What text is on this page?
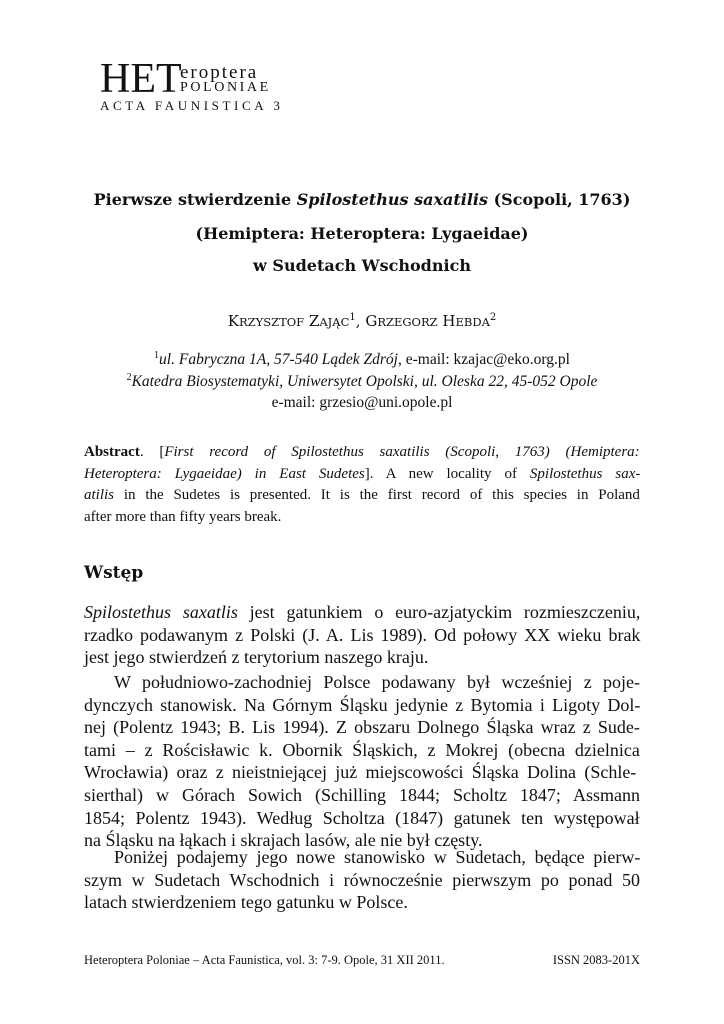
HET
eroptera
POLONIAE
ACTA FAUNISTICA 3
Pierwsze stwierdzenie Spilostethus saxatilis (Scopoli, 1763)
(Hemiptera: Heteroptera: Lygaeidae)
w Sudetach Wschodnich
KRZYSZTOF ZAJĄC$^1$, GRZEGORZ HEBDA$^2$
$^1$ul. Fabryczna 1A, 57-540 Lądek Zdrój, e-mail: kzajac@eko.org.pl
$^2$Katedra Biosystematyki, Uniwersytet Opolski, ul. Oleska 22, 45-052 Opole
e-mail: grzesio@uni.opole.pl
Abstract. [First record of Spilostethus saxatilis (Scopoli, 1763) (Hemiptera:
Heteroptera: Lygaeidae) in East Sudetes]. A new locality of Spilostethus sax-
atilis in the Sudetes is presented. It is the first record of this species in Poland
after more than fifty years break.
Wstęp
Spilostethus saxatlis jest gatunkiem o euro-azjatyckim rozmieszczeniu,
rzadko podawanym z Polski (J. A. Lis 1989). Od połowy XX wieku brak
jest jego stwierdzeń z terytorium naszego kraju.
W południowo-zachodniej Polsce podawany był wcześniej z poje-
dynczych stanowisk. Na Górnym Śląsku jedynie z Bytomia i Ligoty Dol-
nej (Polentz 1943; B. Lis 1994). Z obszaru Dolnego Śląska wraz z Sude-
tami – z Rościsławic k. Obornik Śląskich, z Mokrej (obecna dzielnica
Wrocławia) oraz z nieistniejącej już miejscowości Śląska Dolina (Schle-
sierthal) w Górach Sowich (Schilling 1844; Scholtz 1847; Assmann
1854; Polentz 1943). Według Scholtza (1847) gatunek ten występował
na Śląsku na łąkach i skrajach lasów, ale nie był częsty.
Poniżej podajemy jego nowe stanowisko w Sudetach, będące pierw-
szym w Sudetach Wschodnich i równocześnie pierwszym po ponad 50
latach stwierdzeniem tego gatunku w Polsce.
Heteroptera Poloniae – Acta Faunistica, vol. 3: 7-9. Opole, 31 XII 2011.	ISSN 2083-201X
